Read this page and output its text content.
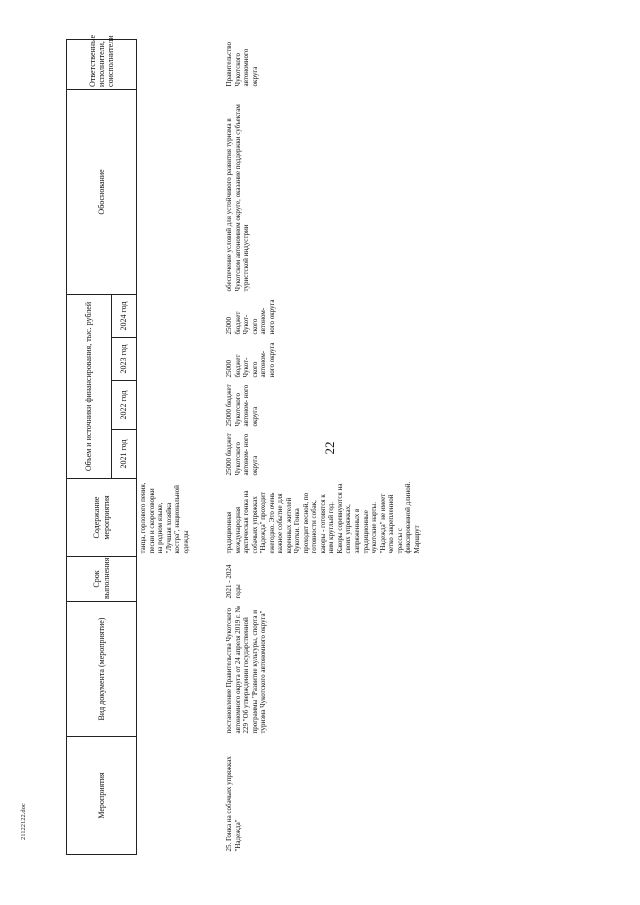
22
21122122.doc
Мероприятия	Вид документа (мероприятие)	Срок выполнения	Содержание мероприятия	Объем и источники финансирования, тыс. рублей				Обоснование	Ответственные исполнители, соисполнители
				2021 год	2022 год	2023 год	2024 год		
			танца, горлового пения, песни и скороговорки на родном языке, "Лучшая хозяйка костра", национальной одежды						
25. Гонка на собачьих упряжках "Надежда"	постановление Правительства Чукотского автономного округа от 24 апреля 2019 г. № 229 "Об утверждении государственной программы "Развитие культуры, спорта и туризма Чукотского автономного округа"	2021 - 2024 годы	традиционная международная арктическая гонка на собачьих упряжках "Надежда" проходит ежегодно. Это очень важное событие для коренных жителей Чукотки. Гонка проходит весной, по готовности собак, каюры - готовятся к ним круглый год. Каюры соревнуются на своих упряжках, запряженных в традиционные чукотские нарты. "Надежда" не имеет четко закрепленной трассы с фиксированной длиной. Маршрут	25000 бюджет Чукотского автоном- ного округа	25000 бюджет Чукотского автоном- ного округа	25000 бюджет Чукот- ского автоном- ного округа	25000 бюджет Чукот- ского автоном- ного округа	обеспечение условий для устойчивого развития туризма в Чукотском автономном округе, оказание поддержки субъектам туристской индустрии	Правительство Чукотского автономного округа
